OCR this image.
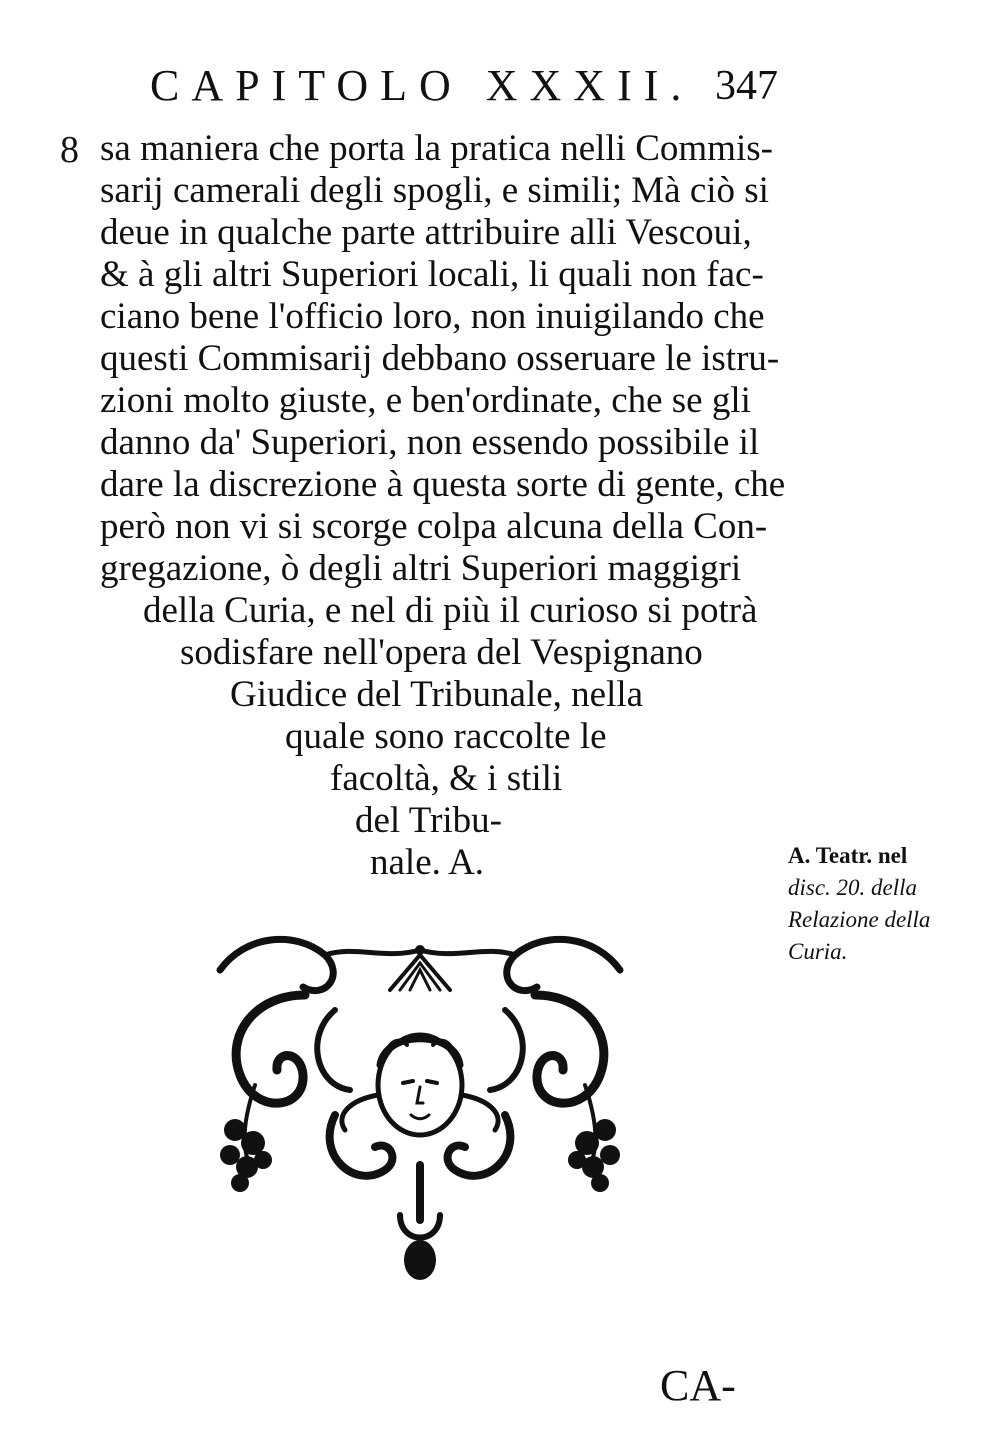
CAPITOLO XXXII. 347
8 sa maniera che porta la pratica nelli Commis-
sarij camerali degli spogli, e simili; Mà ciò si
deue in qualche parte attribuire alli Vescoui,
& à gli altri Superiori locali, li quali non fac-
ciano bene l'officio loro, non inuigilando che
questi Commisarij debbano osseruare le istru-
zioni molto giuste, e ben'ordinate, che se gli
danno da' Superiori, non essendo possibile il
dare la discrezione à questa sorte di gente, che
però non vi si scorge colpa alcuna della Con-
gregazione, ò degli altri Superiori maggigri
della Curia, e nel di più il curioso si potrà
sodisfare nell'opera del Vespignano
Giudice del Tribunale, nella
quale sono raccolte le
facoltà, & i stili
del Tribu-
nale. A.	A. Teatr. nel
disc. 20. della
Relazione della
Curia.
CA-
